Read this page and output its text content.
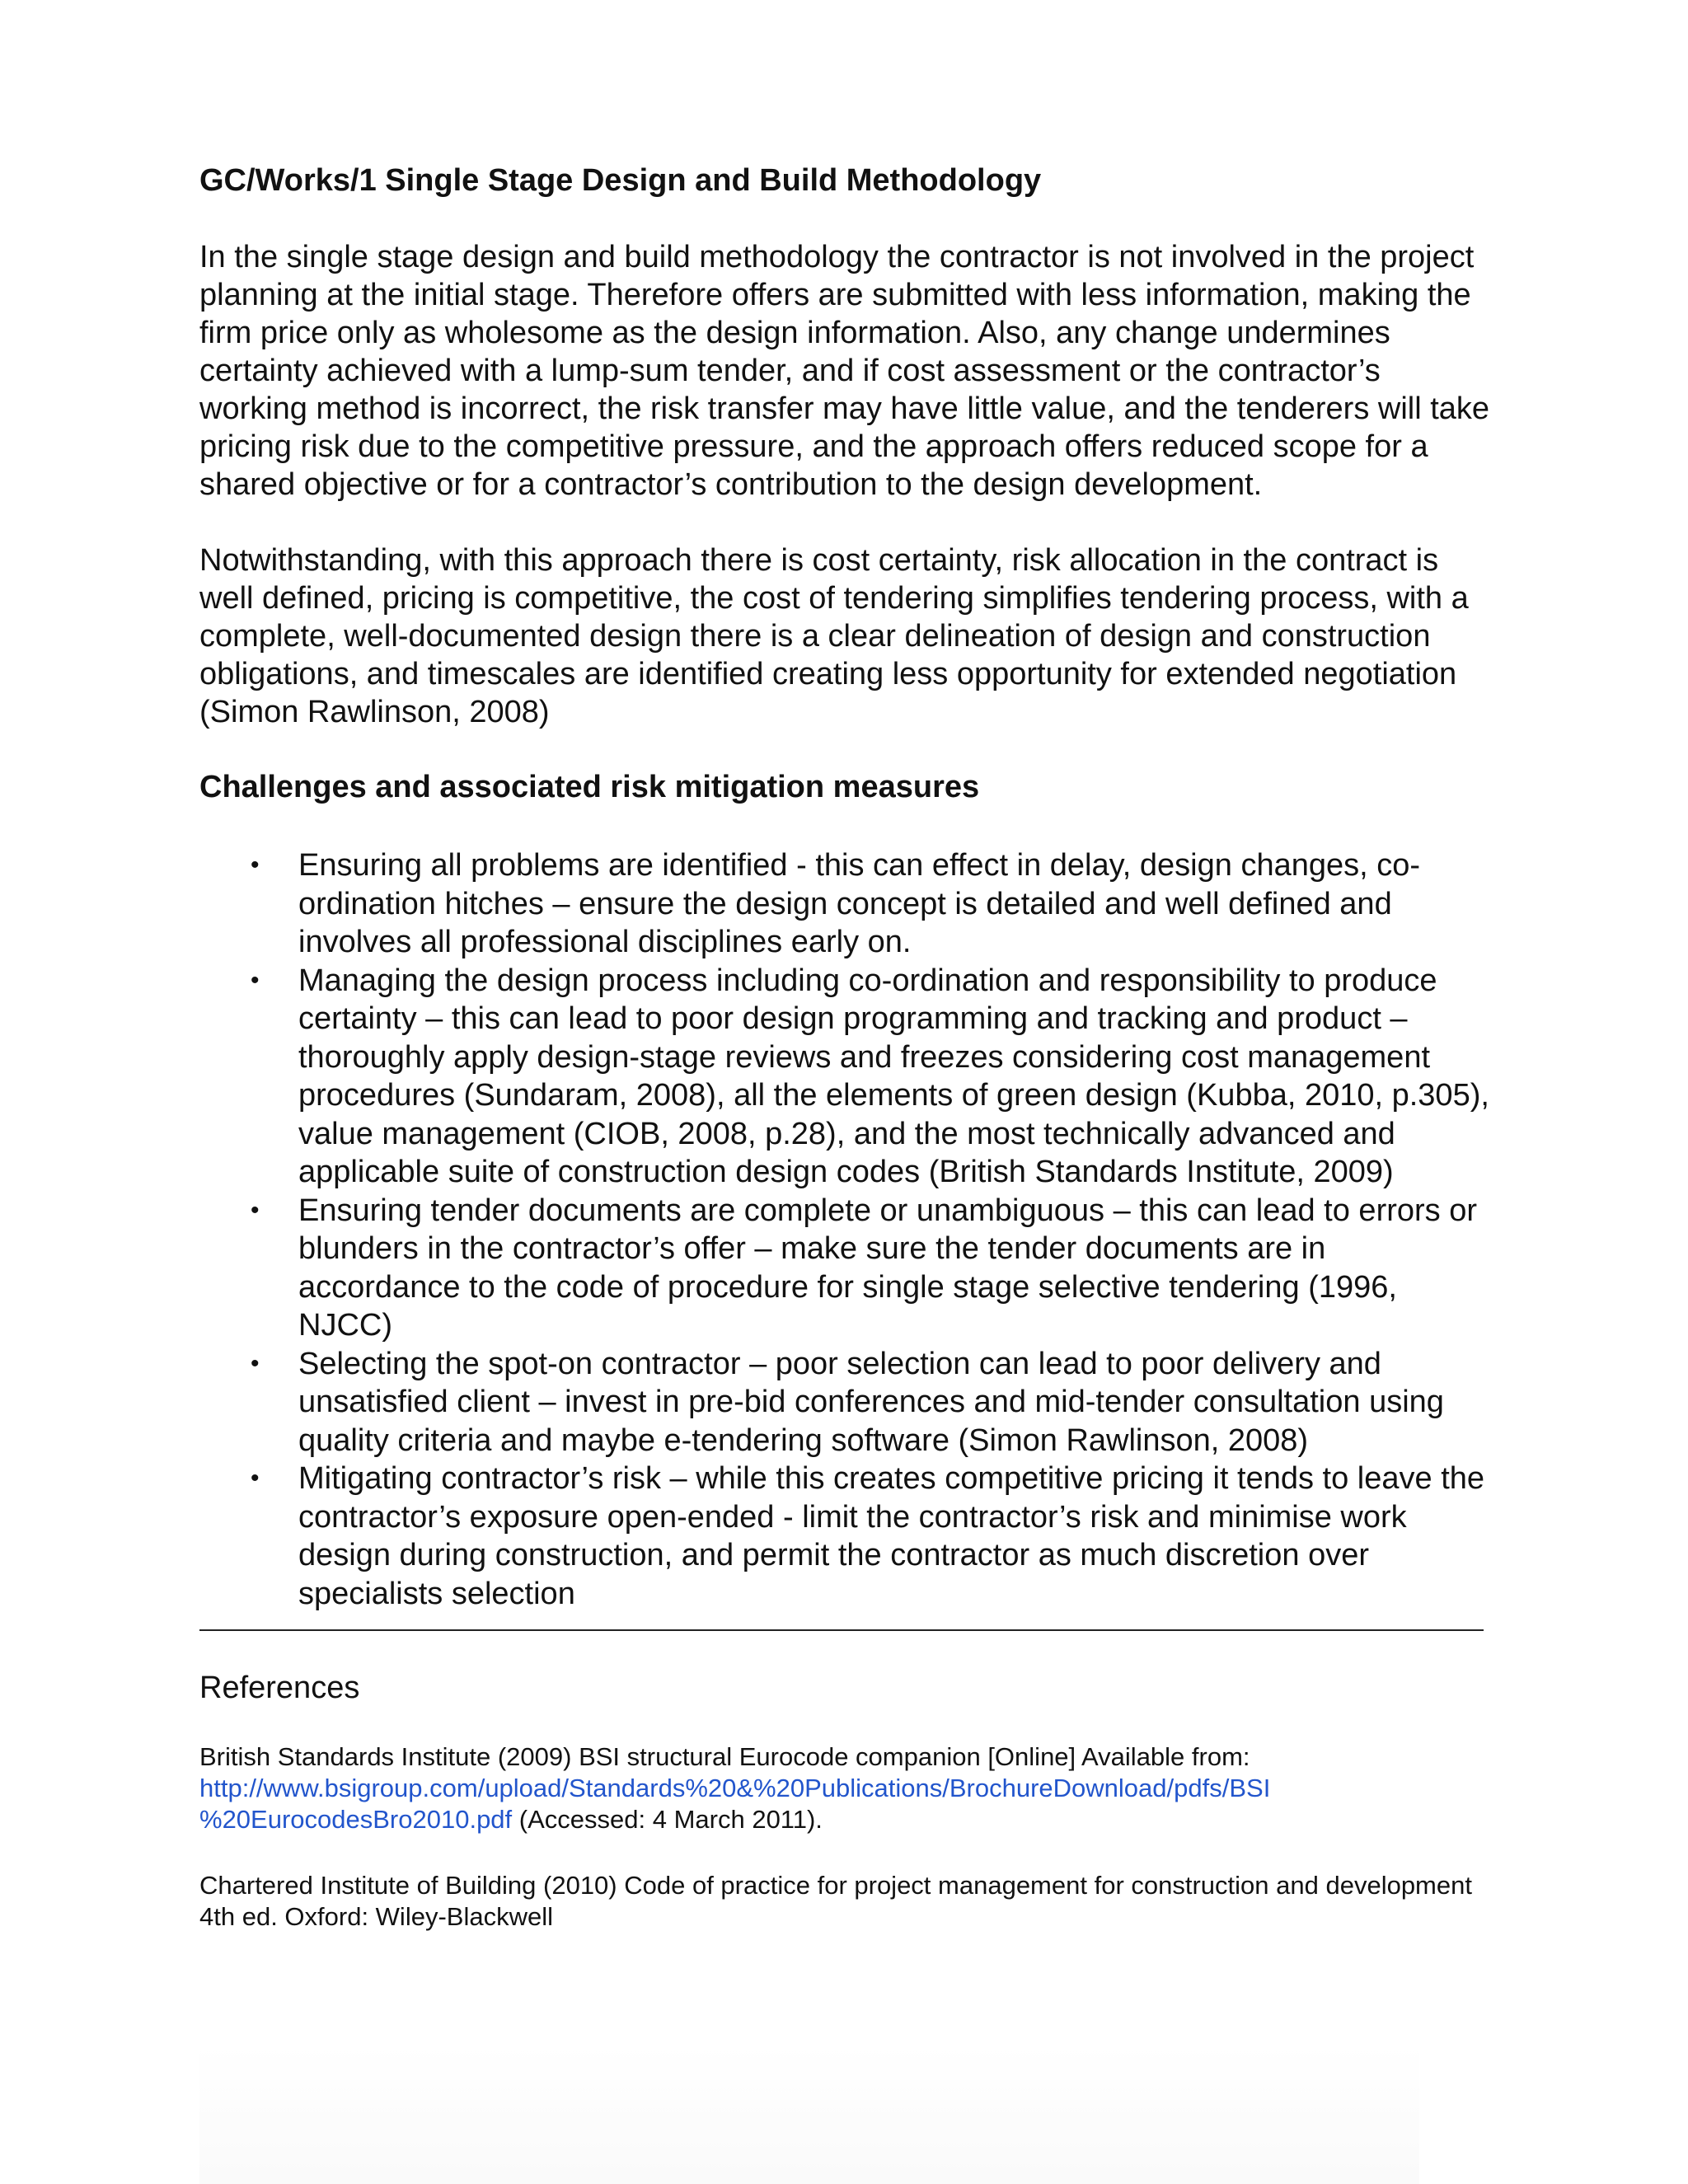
GC/Works/1 Single Stage Design and Build Methodology

In the single stage design and build methodology the contractor is not involved in the project planning at the initial stage. Therefore offers are submitted with less information, making the firm price only as wholesome as the design information. Also, any change undermines certainty achieved with a lump-sum tender, and if cost assessment or the contractor’s working method is incorrect, the risk transfer may have little value, and the tenderers will take pricing risk due to the competitive pressure, and the approach offers reduced scope for a shared objective or for a contractor’s contribution to the design development.

Notwithstanding, with this approach there is cost certainty, risk allocation in the contract is well defined, pricing is competitive, the cost of tendering simplifies tendering process, with a complete, well-documented design there is a clear delineation of design and construction obligations, and timescales are identified creating less opportunity for extended negotiation (Simon Rawlinson, 2008)

Challenges and associated risk mitigation measures
• Ensuring all problems are identified - this can effect in delay, design changes, co-ordination hitches – ensure the design concept is detailed and well defined and involves all professional disciplines early on.
• Managing the design process including co-ordination and responsibility to produce certainty – this can lead to poor design programming and tracking and product – thoroughly apply design-stage reviews and freezes considering cost management procedures (Sundaram, 2008), all the elements of green design (Kubba, 2010, p.305), value management (CIOB, 2008, p.28), and the most technically advanced and applicable suite of construction design codes (British Standards Institute, 2009)
• Ensuring tender documents are complete or unambiguous – this can lead to errors or blunders in the contractor’s offer – make sure the tender documents are in accordance to the code of procedure for single stage selective tendering (1996, NJCC)
• Selecting the spot-on contractor – poor selection can lead to poor delivery and unsatisfied client – invest in pre-bid conferences and mid-tender consultation using quality criteria and maybe e-tendering software (Simon Rawlinson, 2008)
• Mitigating contractor’s risk – while this creates competitive pricing it tends to leave the contractor’s exposure open-ended - limit the contractor’s risk and minimise work design during construction, and permit the contractor as much discretion over specialists selection
References

British Standards Institute (2009) BSI structural Eurocode companion [Online] Available from:
http://www.bsigroup.com/upload/Standards%20&%20Publications/BrochureDownload/pdfs/BSI
%20EurocodesBro2010.pdf (Accessed: 4 March 2011).

Chartered Institute of Building (2010) Code of practice for project management for construction and development 4th ed. Oxford: Wiley-Blackwell
